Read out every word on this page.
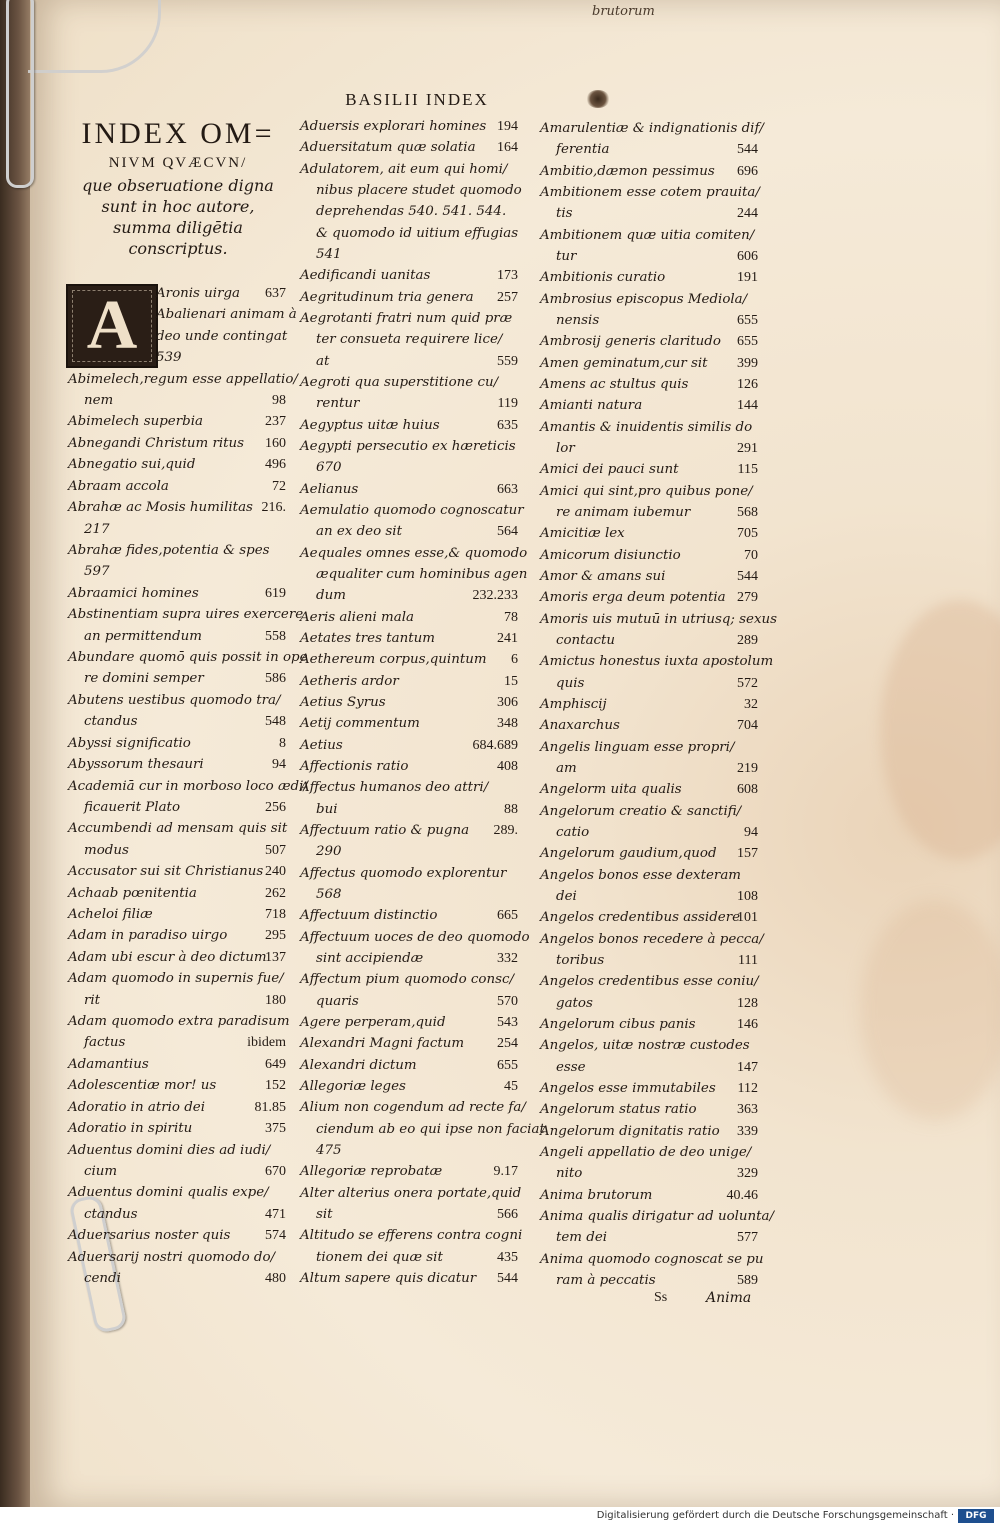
brutorum
BASILII INDEX
INDEX OM=
NIVM QVÆCVN/
que obseruatione digna
sunt in hoc autore,
summa diligētia
conscriptus.
A	Aronis uirga 637
Abalienari animam à
deo unde contingat
539
Abimelech,regum esse appellatio/
nem	98
Abimelech superbia	237
Abnegandi Christum ritus 160
Abnegatio sui,quid	496
Abraam accola	72
Abrahæ ac Mosis humilitas 216.
217
Abrahæ fides,potentia & spes
597
Abraamici homines	619
Abstinentiam supra uires exercere
an permittendum	558
Abundare quomō quis possit in ope
re domini semper	586
Abutens uestibus quomodo tra/
ctandus	548
Abyssi significatio	8
Abyssorum thesauri	94
Academiā cur in morboso loco ædi/
ficauerit Plato	256
Accumbendi ad mensam quis sit
modus	507
Accusator sui sit Christianus 240
Achaab pœnitentia	262
Acheloi filiæ	718
Adam in paradiso uirgo	295
Adam ubi escur à deo dictum
137
Adam quomodo in supernis fue/
rit	180
Adam quomodo extra paradisum
factus	ibidem
Adamantius	649
Adolescentiæ mor! us	152
Adoratio in atrio dei	81.85
Adoratio in spiritu	375
Aduentus domini dies ad iudi/
cium	670
Aduentus domini qualis expe/
ctandus	471
Aduersarius noster quis 574
Aduersarij nostri quomodo do/
cendi	480
Aduersis explorari homines 194
Aduersitatum quæ solatia 164
Adulatorem, ait eum qui homi/
nibus placere studet quomodo
deprehendas 540. 541. 544.
& quomodo id uitium effugias
541
Aedificandi uanitas	173
Aegritudinum tria genera 257
Aegrotanti fratri num quid præ
ter consueta requirere lice/
at	559
Aegroti qua superstitione cu/
rentur	119
Aegyptus uitæ huius	635
Aegypti persecutio ex hæreticis
670
Aelianus	663
Aemulatio quomodo cognoscatur
an ex deo sit	564
Aequales omnes esse,& quomodo
æqualiter cum hominibus agen
dum	232.233
Aeris alieni mala	78
Aetates tres tantum	241
Aethereum corpus,quintum 6
Aetheris ardor	15
Aetius Syrus	306
Aetij commentum	348
Aetius	684.689
Affectionis ratio	408
Affectus humanos deo attri/
bui	88
Affectuum ratio & pugna 289.
290
Affectus quomodo explorentur
568
Affectuum distinctio	665
Affectuum uoces de deo quomodo
sint accipiendæ	332
Affectum pium quomodo consc/
quaris	570
Agere perperam,quid	543
Alexandri Magni factum 254
Alexandri dictum	655
Allegoriæ leges	45
Alium non cogendum ad recte fa/
ciendum ab eo qui ipse non faciat
475
Allegoriæ reprobatæ	9.17
Alter alterius onera portate,quid
sit	566
Altitudo se efferens contra cogni
tionem dei quæ sit	435
Altum sapere quis dicatur 544
Amarulentiæ & indignationis dif/
ferentia	544
Ambitio,dæmon pessimus 696
Ambitionem esse cotem prauita/
tis	244
Ambitionem quæ uitia comiten/
tur	606
Ambitionis curatio	191
Ambrosius episcopus Mediola/
nensis	655
Ambrosij generis claritudo 655
Amen geminatum,cur sit 399
Amens ac stultus quis	126
Amianti natura	144
Amantis & inuidentis similis do
lor	291
Amici dei pauci sunt	115
Amici qui sint,pro quibus pone/
re animam iubemur	568
Amicitiæ lex	705
Amicorum disiunctio	70
Amor & amans sui	544
Amoris erga deum potentia 279
Amoris uis mutuū in utriusq; sexus
contactu	289
Amictus honestus iuxta apostolum
quis	572
Amphiscij	32
Anaxarchus	704
Angelis linguam esse propri/
am	219
Angelorm uita qualis	608
Angelorum creatio & sanctifi/
catio	94
Angelorum gaudium,quod 157
Angelos bonos esse dexteram
dei	108
Angelos credentibus assidere
101
Angelos bonos recedere à pecca/
toribus	111
Angelos credentibus esse coniu/
gatos	128
Angelorum cibus panis	146
Angelos, uitæ nostræ custodes
esse	147
Angelos esse immutabiles 112
Angelorum status ratio	363
Angelorum dignitatis ratio 339
Angeli appellatio de deo unige/
nito	329
Anima brutorum	40.46
Anima qualis dirigatur ad uolunta/
tem dei	577
Anima quomodo cognoscat se pu
ram à peccatis	589
Ss	Anima
Digitalisierung gefördert durch die Deutsche Forschungsgemeinschaft ·	DFG
